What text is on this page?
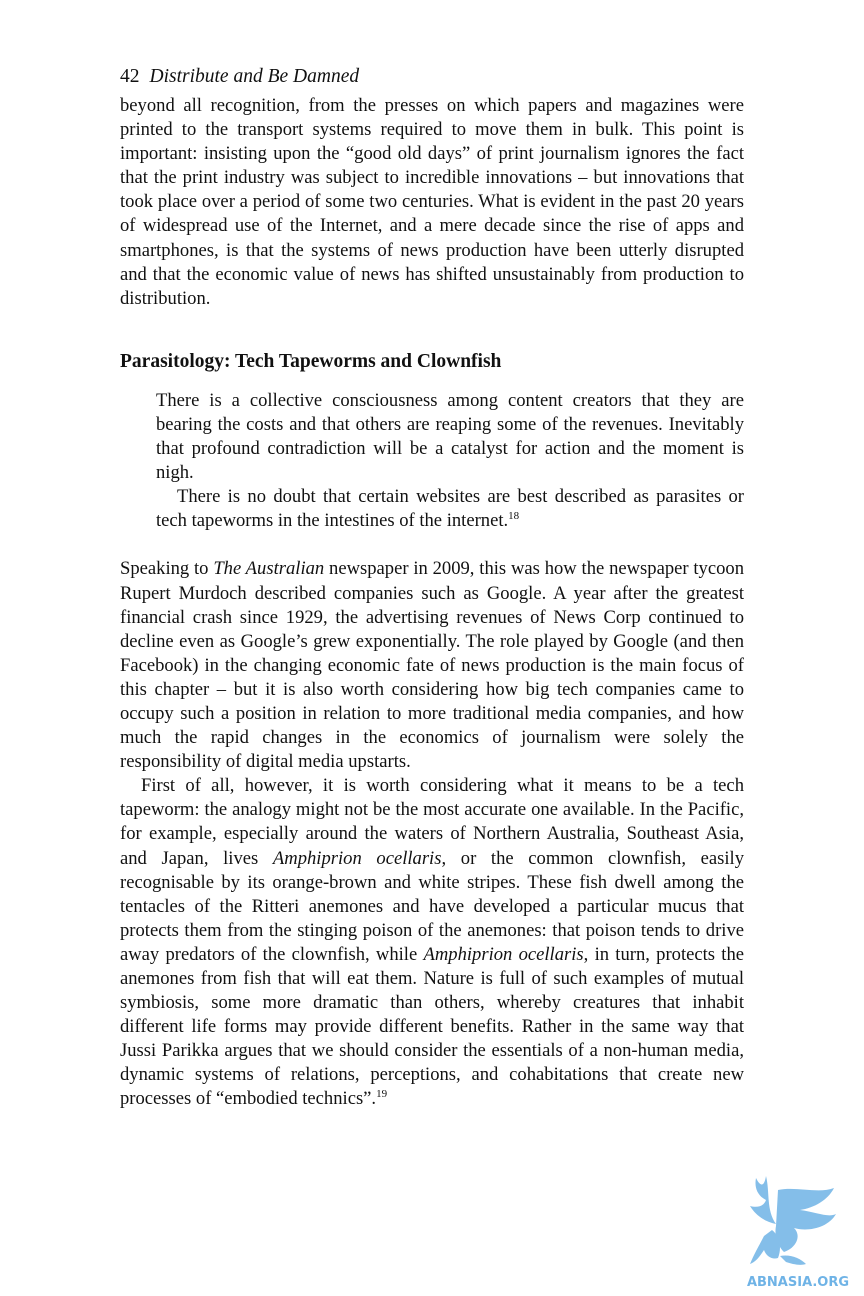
42 Distribute and Be Damned

beyond all recognition, from the presses on which papers and magazines were printed to the transport systems required to move them in bulk. This point is important: insisting upon the “good old days” of print journalism ignores the fact that the print industry was subject to incredible innovations – but innovations that took place over a period of some two centuries. What is evident in the past 20 years of widespread use of the Internet, and a mere decade since the rise of apps and smartphones, is that the systems of news production have been utterly disrupted and that the economic value of news has shifted unsustainably from production to distribution.

Parasitology: Tech Tapeworms and Clownfish

There is a collective consciousness among content creators that they are bearing the costs and that others are reaping some of the revenues. Inevitably that profound contradiction will be a catalyst for action and the moment is nigh.

There is no doubt that certain websites are best described as parasites or tech tapeworms in the intestines of the internet.$^{18}$

Speaking to The Australian newspaper in 2009, this was how the newspaper tycoon Rupert Murdoch described companies such as Google. A year after the greatest financial crash since 1929, the advertising revenues of News Corp continued to decline even as Google’s grew exponentially. The role played by Google (and then Facebook) in the changing economic fate of news production is the main focus of this chapter – but it is also worth considering how big tech companies came to occupy such a position in relation to more traditional media companies, and how much the rapid changes in the economics of journalism were solely the responsibility of digital media upstarts.

First of all, however, it is worth considering what it means to be a tech tapeworm: the analogy might not be the most accurate one available. In the Pacific, for example, especially around the waters of Northern Australia, Southeast Asia, and Japan, lives Amphiprion ocellaris, or the common clownfish, easily recognisable by its orange-brown and white stripes. These fish dwell among the tentacles of the Ritteri anemones and have developed a particular mucus that protects them from the stinging poison of the anemones: that poison tends to drive away predators of the clownfish, while Amphiprion ocellaris, in turn, protects the anemones from fish that will eat them. Nature is full of such examples of mutual symbiosis, some more dramatic than others, whereby creatures that inhabit different life forms may provide different benefits. Rather in the same way that Jussi Parikka argues that we should consider the essentials of a non-human media, dynamic systems of relations, perceptions, and cohabitations that create new processes of “embodied technics”.$^{19}$

ABNASIA.ORG
